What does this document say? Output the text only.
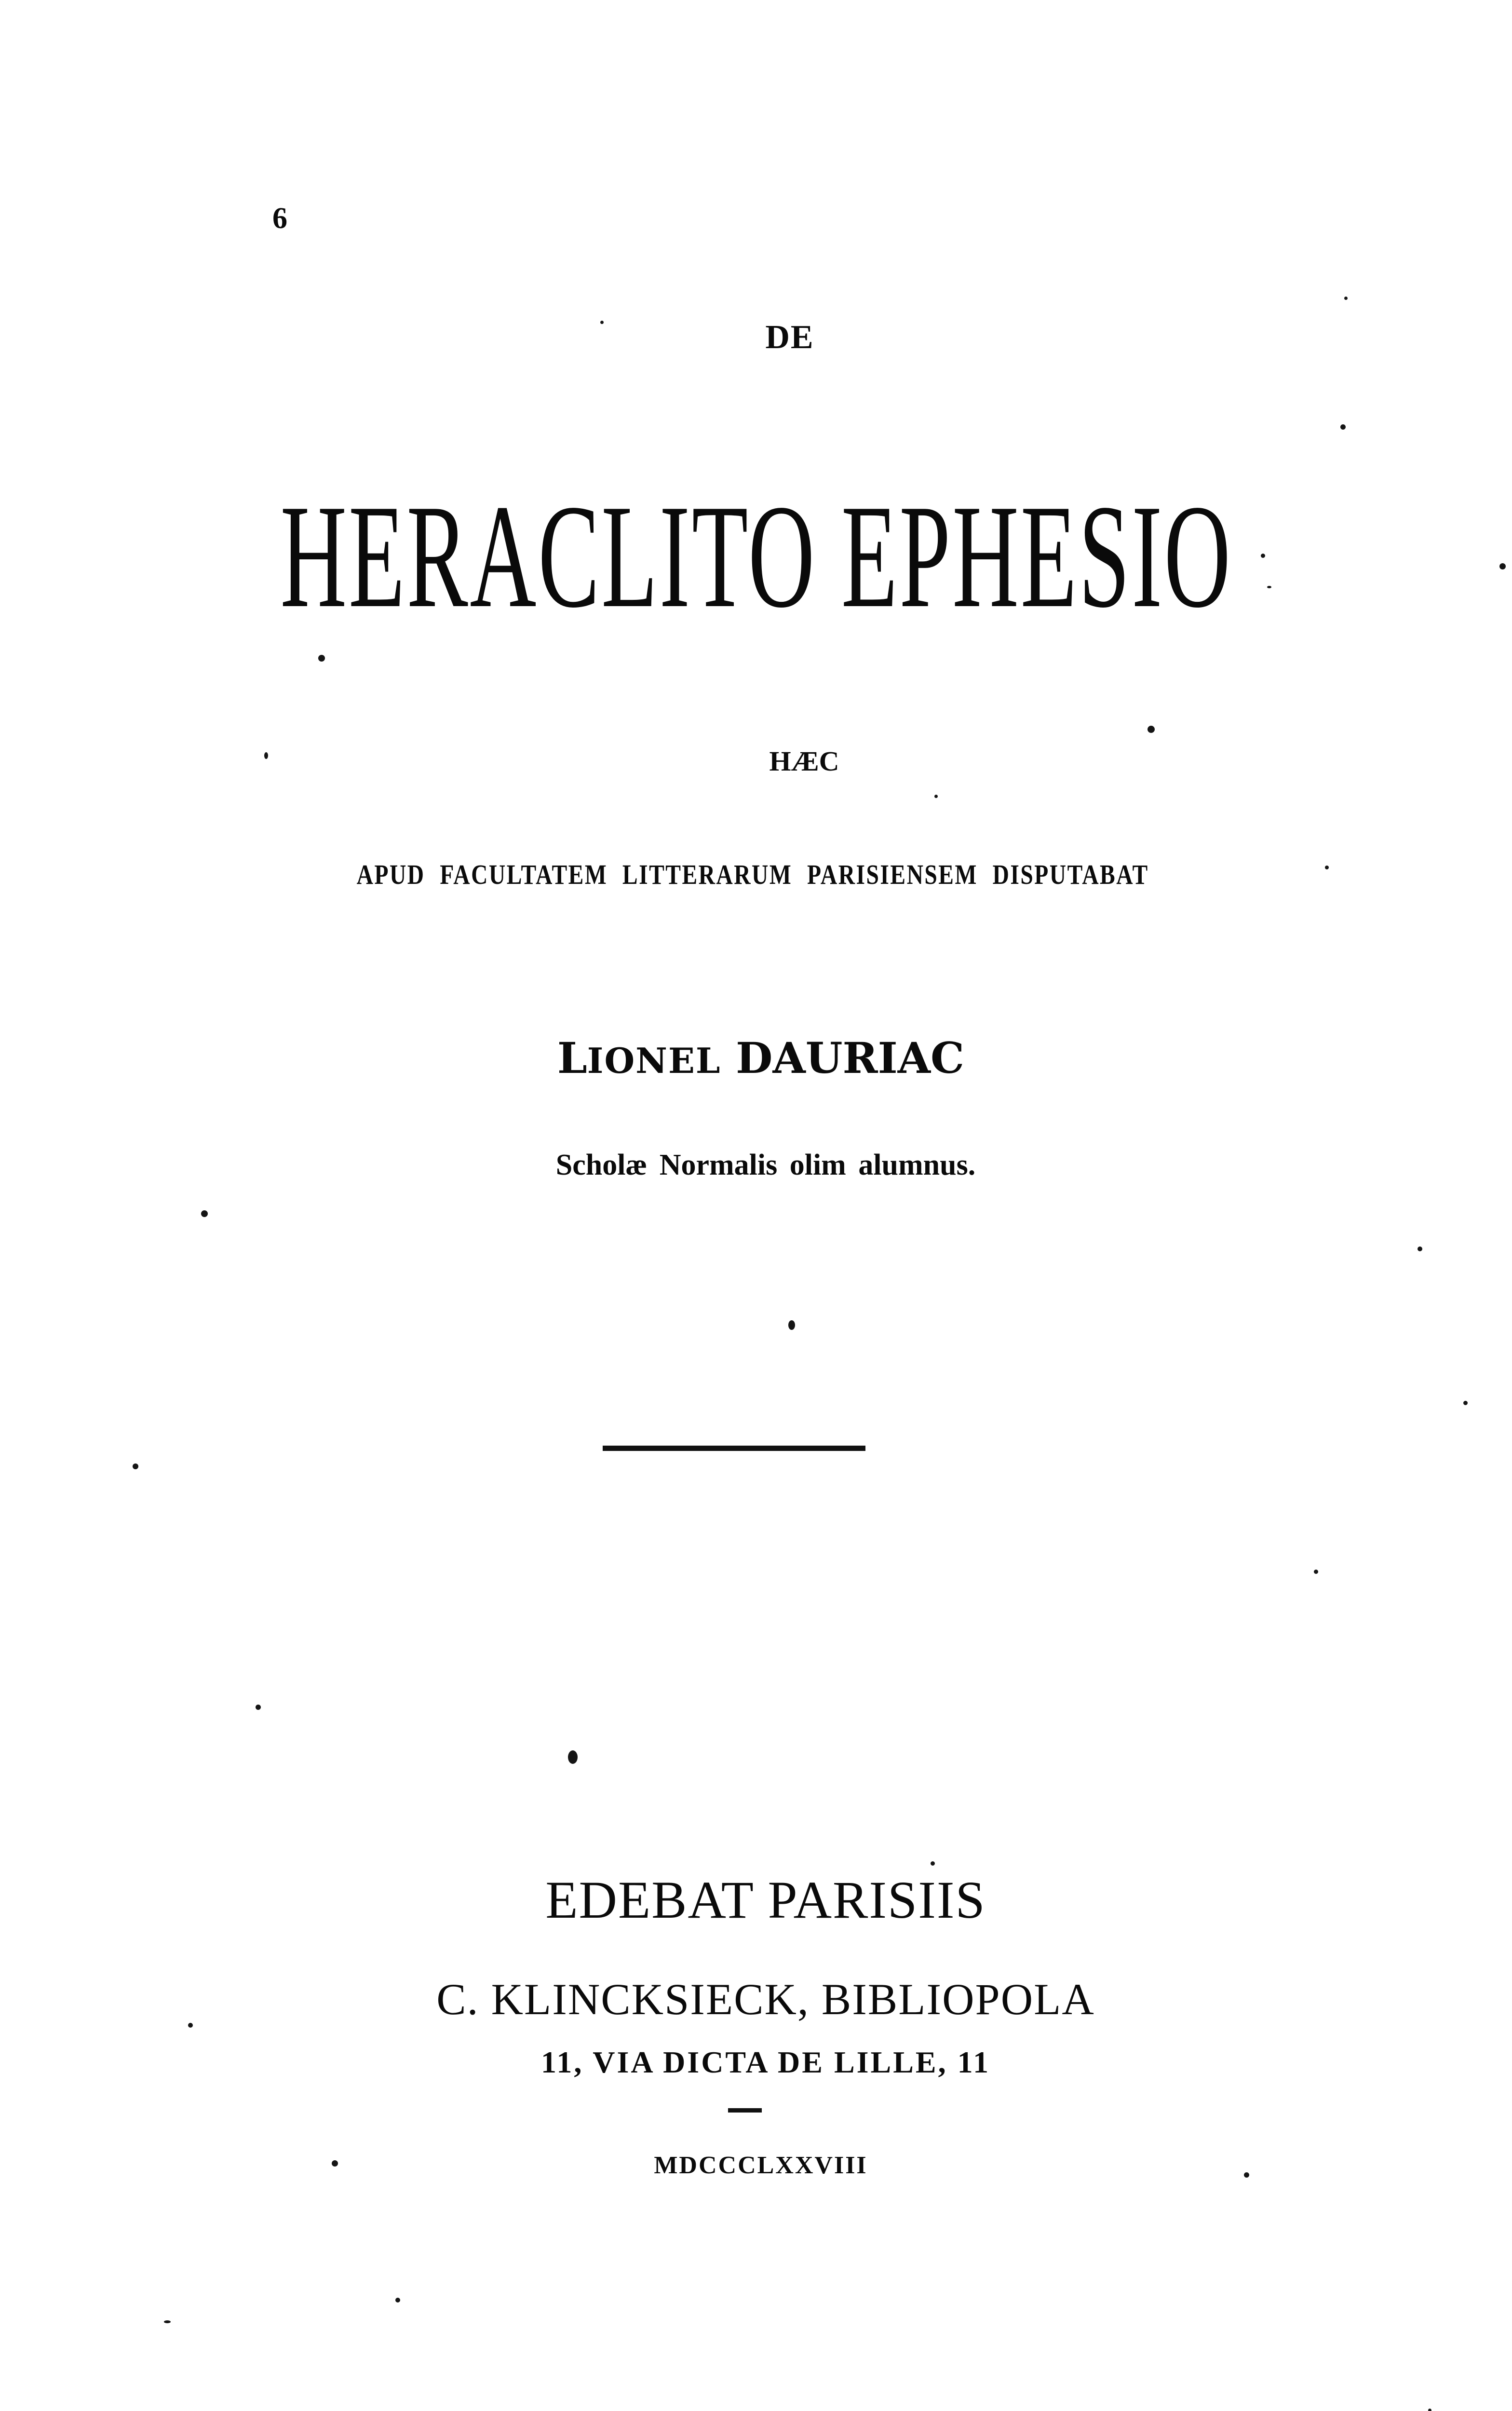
6
DE
HERACLITO EPHESIO
HÆC
APUD FACULTATEM LITTERARUM PARISIENSEM DISPUTABAT
LIONEL DAURIAC
Scholæ Normalis olim alumnus.
EDEBAT PARISIIS
C. KLINCKSIECK, BIBLIOPOLA
11, VIA DICTA DE LILLE, 11
MDCCCLXXVIII
